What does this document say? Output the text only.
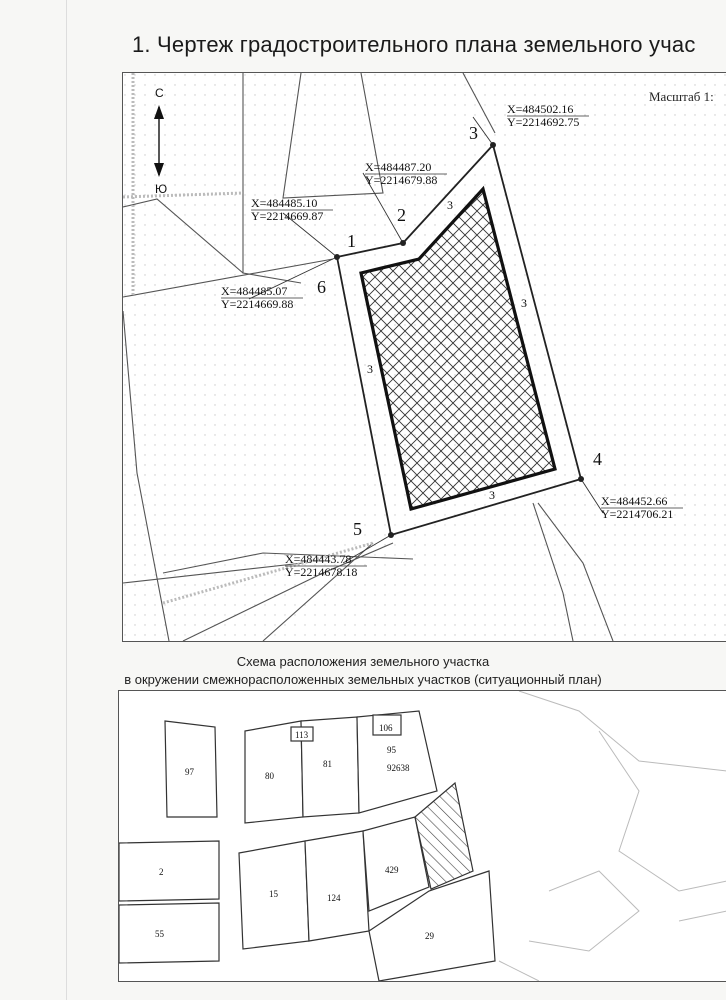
1. Чертеж градостроительного плана земельного учас
1
2
3
4
5
6
X=484485.10
Y=2214669.87
X=484487.20
Y=2214679.88
X=484502.16
Y=2214692.75
X=484452.66
Y=2214706.21
X=484443.78
Y=2214678.18
X=484485.07
Y=2214669.88
3
3
3
3
С
Ю
Масштаб 1:
Схема расположения земельного участка
в окружении смежнорасположенных земельных участков (ситуационный план)
97
113
106
95
80
81	92638
2
15	124
429
55	29
